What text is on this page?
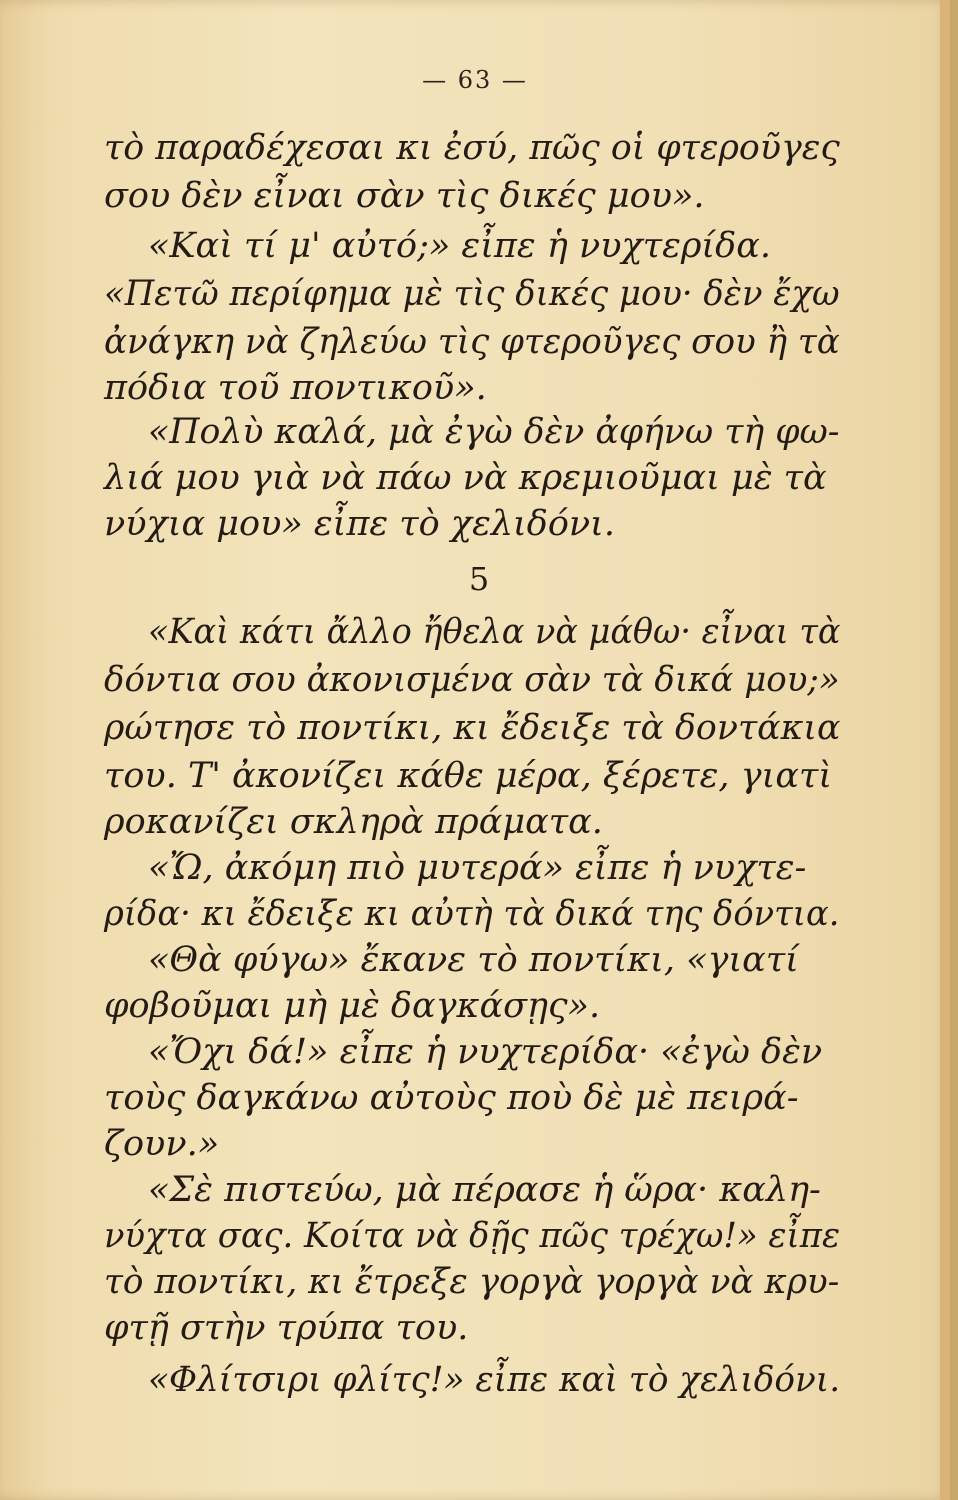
— 63 —
τὸ παραδέχεσαι κι ἐσύ, πῶς οἱ φτεροῦγες
σου δὲν εἶναι σὰν τὶς δικές μου».
«Καὶ τί μ' αὐτό;» εἶπε ἡ νυχτερίδα.
«Πετῶ περίφημα μὲ τὶς δικές μου· δὲν ἔχω
ἀνάγκη νὰ ζηλεύω τὶς φτεροῦγες σου ἢ τὰ
πόδια τοῦ ποντικοῦ».
«Πολὺ καλά, μὰ ἐγὼ δὲν ἀφήνω τὴ φω-
λιά μου γιὰ νὰ πάω νὰ κρεμιοῦμαι μὲ τὰ
νύχια μου» εἶπε τὸ χελιδόνι.
5
«Καὶ κάτι ἄλλο ἤθελα νὰ μάθω· εἶναι τὰ
δόντια σου ἀκονισμένα σὰν τὰ δικά μου;»
ρώτησε τὸ ποντίκι, κι ἔδειξε τὰ δοντάκια
του. Τ' ἀκονίζει κάθε μέρα, ξέρετε, γιατὶ
ροκανίζει σκληρὰ πράματα.
«Ὤ, ἀκόμη πιὸ μυτερά» εἶπε ἡ νυχτε-
ρίδα· κι ἔδειξε κι αὐτὴ τὰ δικά της δόντια.
«Θὰ φύγω» ἔκανε τὸ ποντίκι, «γιατί
φοβοῦμαι μὴ μὲ δαγκάσῃς».
«Ὄχι δά!» εἶπε ἡ νυχτερίδα· «ἐγὼ δὲν
τοὺς δαγκάνω αὐτοὺς ποὺ δὲ μὲ πειρά-
ζουν.»
«Σὲ πιστεύω, μὰ πέρασε ἡ ὥρα· καλη-
νύχτα σας. Κοίτα νὰ δῇς πῶς τρέχω!» εἶπε
τὸ ποντίκι, κι ἔτρεξε γοργὰ γοργὰ νὰ κρυ-
φτῇ στὴν τρύπα του.
«Φλίτσιρι φλίτς!» εἶπε καὶ τὸ χελιδόνι.
